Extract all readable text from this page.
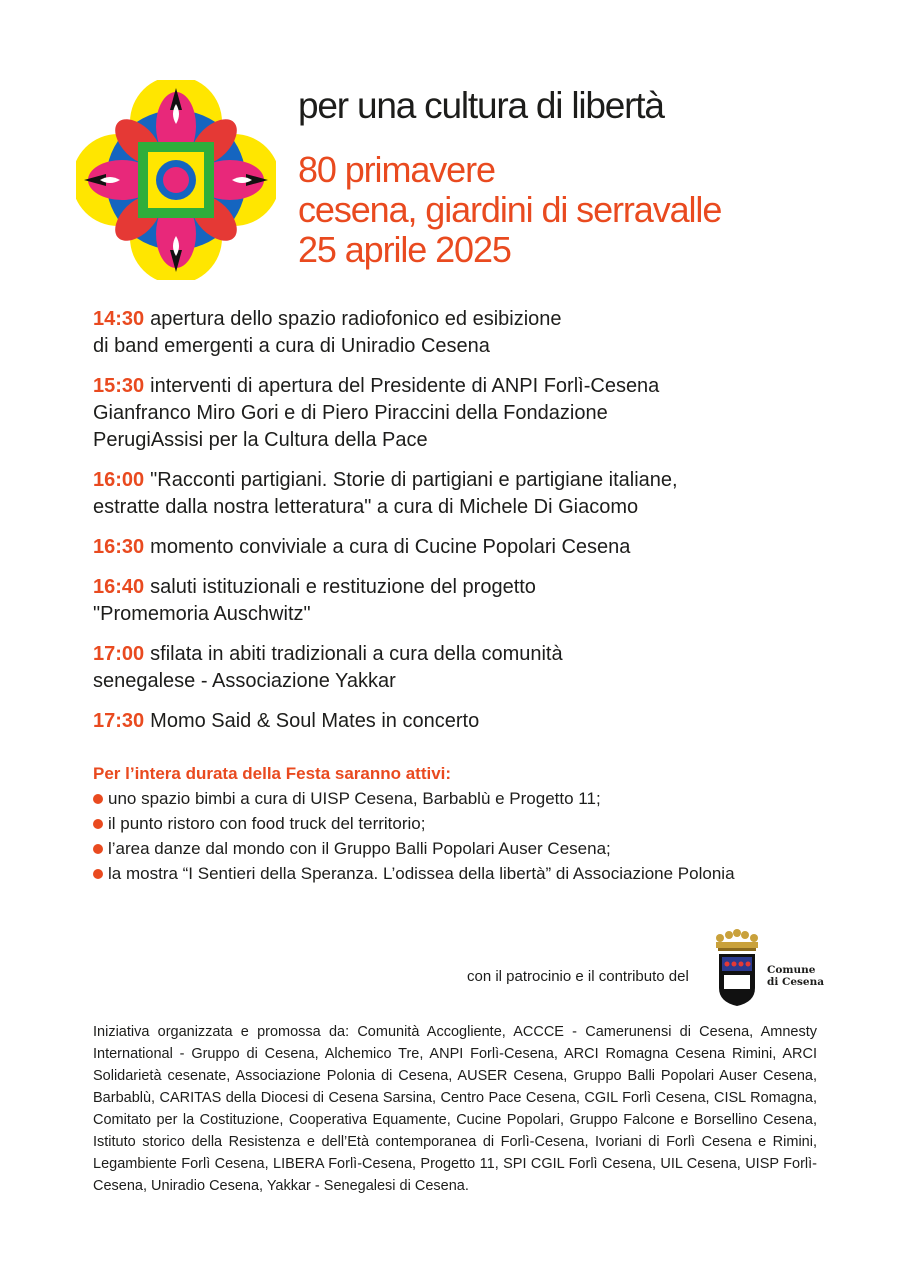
per una cultura di libertà
80 primavere
cesena, giardini di serravalle
25 aprile 2025
14:30 apertura dello spazio radiofonico ed esibizione
di band emergenti a cura di Uniradio Cesena
15:30 interventi di apertura del Presidente di ANPI Forlì-Cesena
Gianfranco Miro Gori e di Piero Piraccini della Fondazione
PerugiAssisi per la Cultura della Pace
16:00 "Racconti partigiani. Storie di partigiani e partigiane italiane,
estratte dalla nostra letteratura" a cura di Michele Di Giacomo
16:30 momento conviviale a cura di Cucine Popolari Cesena
16:40 saluti istituzionali e restituzione del progetto
"Promemoria Auschwitz"
17:00 sfilata in abiti tradizionali a cura della comunità
senegalese - Associazione Yakkar
17:30 Momo Said & Soul Mates in concerto
Per l’intera durata della Festa saranno attivi:
uno spazio bimbi a cura di UISP Cesena, Barbablù e Progetto 11;
il punto ristoro con food truck del territorio;
l’area danze dal mondo con il Gruppo Balli Popolari Auser Cesena;
la mostra “I Sentieri della Speranza. L’odissea della libertà” di Associazione Polonia
con il patrocinio e il contributo del	Comune
di Cesena
Iniziativa organizzata e promossa da: Comunità Accogliente, ACCCE - Camerunensi di Cesena, Amnesty International - Gruppo di Cesena, Alchemico Tre, ANPI Forlì-Cesena, ARCI Romagna Cesena Rimini, ARCI Solidarietà cesenate, Associazione Polonia di Cesena, AUSER Cesena, Gruppo Balli Popolari Auser Cesena, Barbablù, CARITAS della Diocesi di Cesena Sarsina, Centro Pace Cesena, CGIL Forlì Cesena, CISL Romagna, Comitato per la Costituzione, Cooperativa Equamente, Cucine Popolari, Gruppo Falcone e Borsellino Cesena, Istituto storico della Resistenza e dell’Età contemporanea di Forlì-Cesena, Ivoriani di Forlì Cesena e Rimini, Legambiente Forlì Cesena, LIBERA Forlì-Cesena, Progetto 11, SPI CGIL Forlì Cesena, UIL Cesena, UISP Forlì-Cesena, Uniradio Cesena, Yakkar - Senegalesi di Cesena.
